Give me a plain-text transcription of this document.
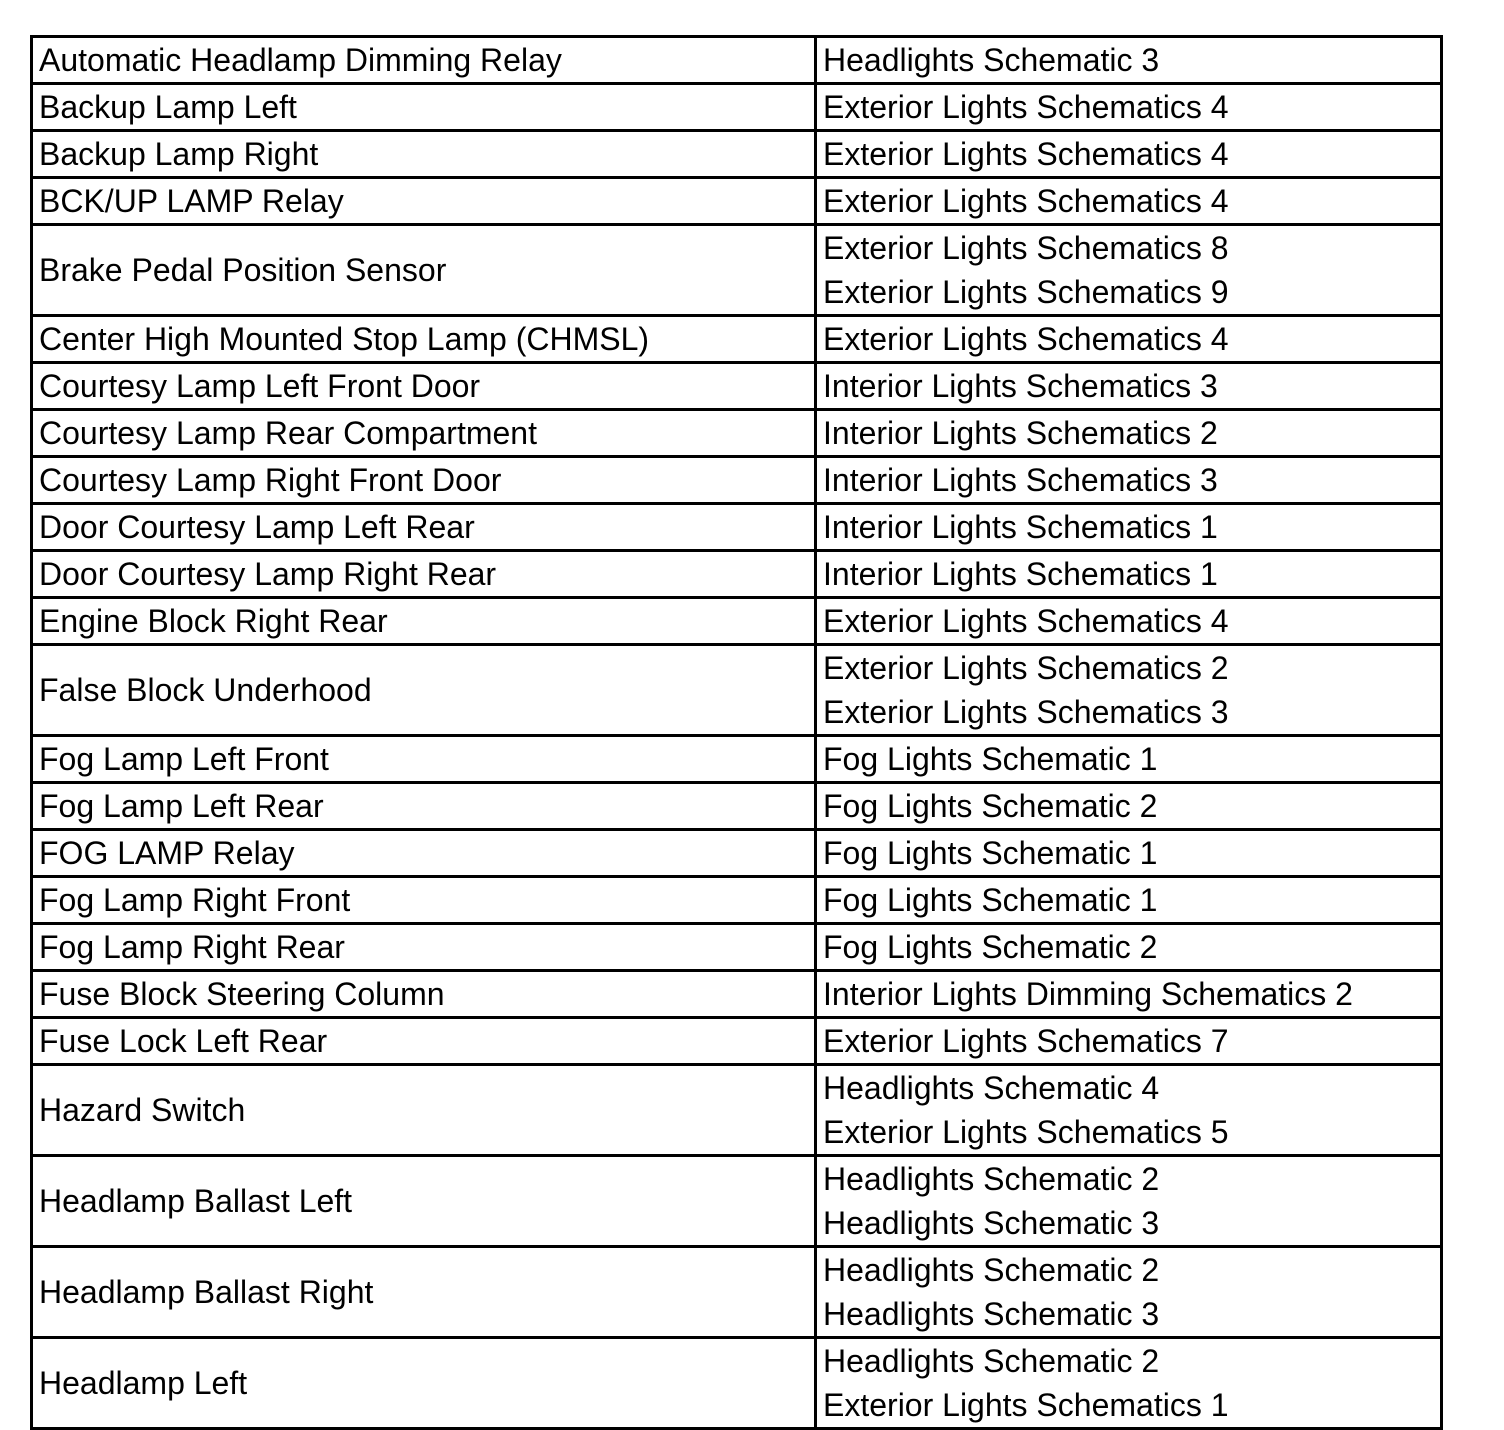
Automatic Headlamp Dimming Relay	Headlights Schematic 3

Backup Lamp Left	Exterior Lights Schematics 4

Backup Lamp Right	Exterior Lights Schematics 4

BCK/UP LAMP Relay	Exterior Lights Schematics 4

Brake Pedal Position Sensor	Exterior Lights Schematics 8
Exterior Lights Schematics 9

Center High Mounted Stop Lamp (CHMSL)	Exterior Lights Schematics 4

Courtesy Lamp Left Front Door	Interior Lights Schematics 3

Courtesy Lamp Rear Compartment	Interior Lights Schematics 2

Courtesy Lamp Right Front Door	Interior Lights Schematics 3

Door Courtesy Lamp Left Rear	Interior Lights Schematics 1

Door Courtesy Lamp Right Rear	Interior Lights Schematics 1

Engine Block Right Rear	Exterior Lights Schematics 4

False Block Underhood	Exterior Lights Schematics 2
Exterior Lights Schematics 3

Fog Lamp Left Front	Fog Lights Schematic 1

Fog Lamp Left Rear	Fog Lights Schematic 2

FOG LAMP Relay	Fog Lights Schematic 1

Fog Lamp Right Front	Fog Lights Schematic 1

Fog Lamp Right Rear	Fog Lights Schematic 2

Fuse Block Steering Column	Interior Lights Dimming Schematics 2

Fuse Lock Left Rear	Exterior Lights Schematics 7

Hazard Switch	Headlights Schematic 4
Exterior Lights Schematics 5

Headlamp Ballast Left	Headlights Schematic 2
Headlights Schematic 3

Headlamp Ballast Right	Headlights Schematic 2
Headlights Schematic 3

Headlamp Left	Headlights Schematic 2
Exterior Lights Schematics 1
